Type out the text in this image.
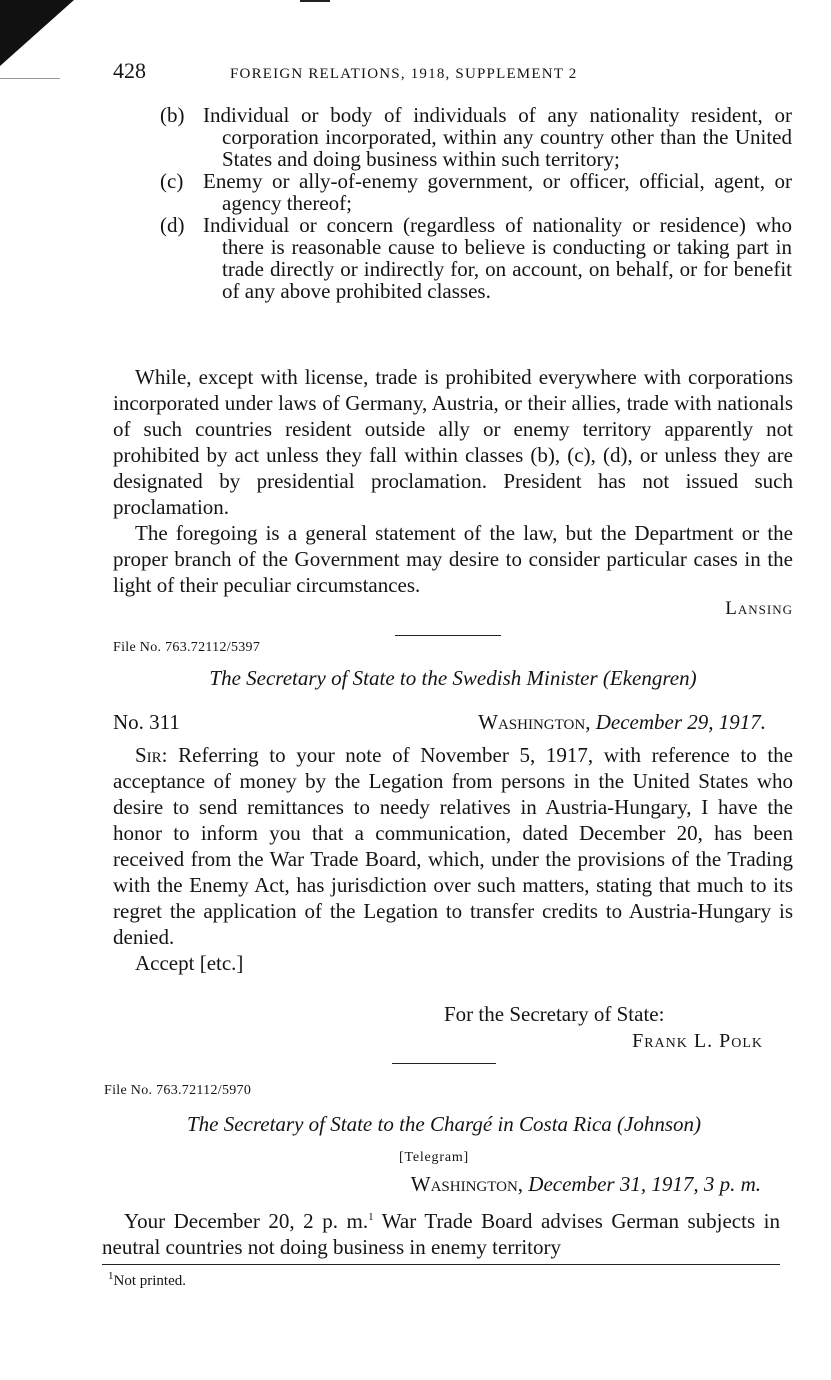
428	FOREIGN RELATIONS, 1918, SUPPLEMENT 2
(b) Individual or body of individuals of any nationality resident, or corporation incorporated, within any country other than the United States and doing business within such territory;
(c) Enemy or ally-of-enemy government, or officer, official, agent, or agency thereof;
(d) Individual or concern (regardless of nationality or residence) who there is reasonable cause to believe is conducting or taking part in trade directly or indirectly for, on account, on behalf, or for benefit of any above prohibited classes.

While, except with license, trade is prohibited everywhere with corporations incorporated under laws of Germany, Austria, or their allies, trade with nationals of such countries resident outside ally or enemy territory apparently not prohibited by act unless they fall within classes (b), (c), (d), or unless they are designated by presidential proclamation. President has not issued such proclamation.

The foregoing is a general statement of the law, but the Department or the proper branch of the Government may desire to consider particular cases in the light of their peculiar circumstances.

Lansing
File No. 763.72112/5397
The Secretary of State to the Swedish Minister (Ekengren)
No. 311	Washington, December 29, 1917.

Sir: Referring to your note of November 5, 1917, with reference to the acceptance of money by the Legation from persons in the United States who desire to send remittances to needy relatives in Austria-Hungary, I have the honor to inform you that a communication, dated December 20, has been received from the War Trade Board, which, under the provisions of the Trading with the Enemy Act, has jurisdiction over such matters, stating that much to its regret the application of the Legation to transfer credits to Austria-Hungary is denied.

Accept [etc.]

For the Secretary of State:
Frank L. Polk
File No. 763.72112/5970
The Secretary of State to the Chargé in Costa Rica (Johnson)
[Telegram]
Washington, December 31, 1917, 3 p. m.

Your December 20, 2 p. m.$^1$ War Trade Board advises German subjects in neutral countries not doing business in enemy territory

$^1$Not printed.
